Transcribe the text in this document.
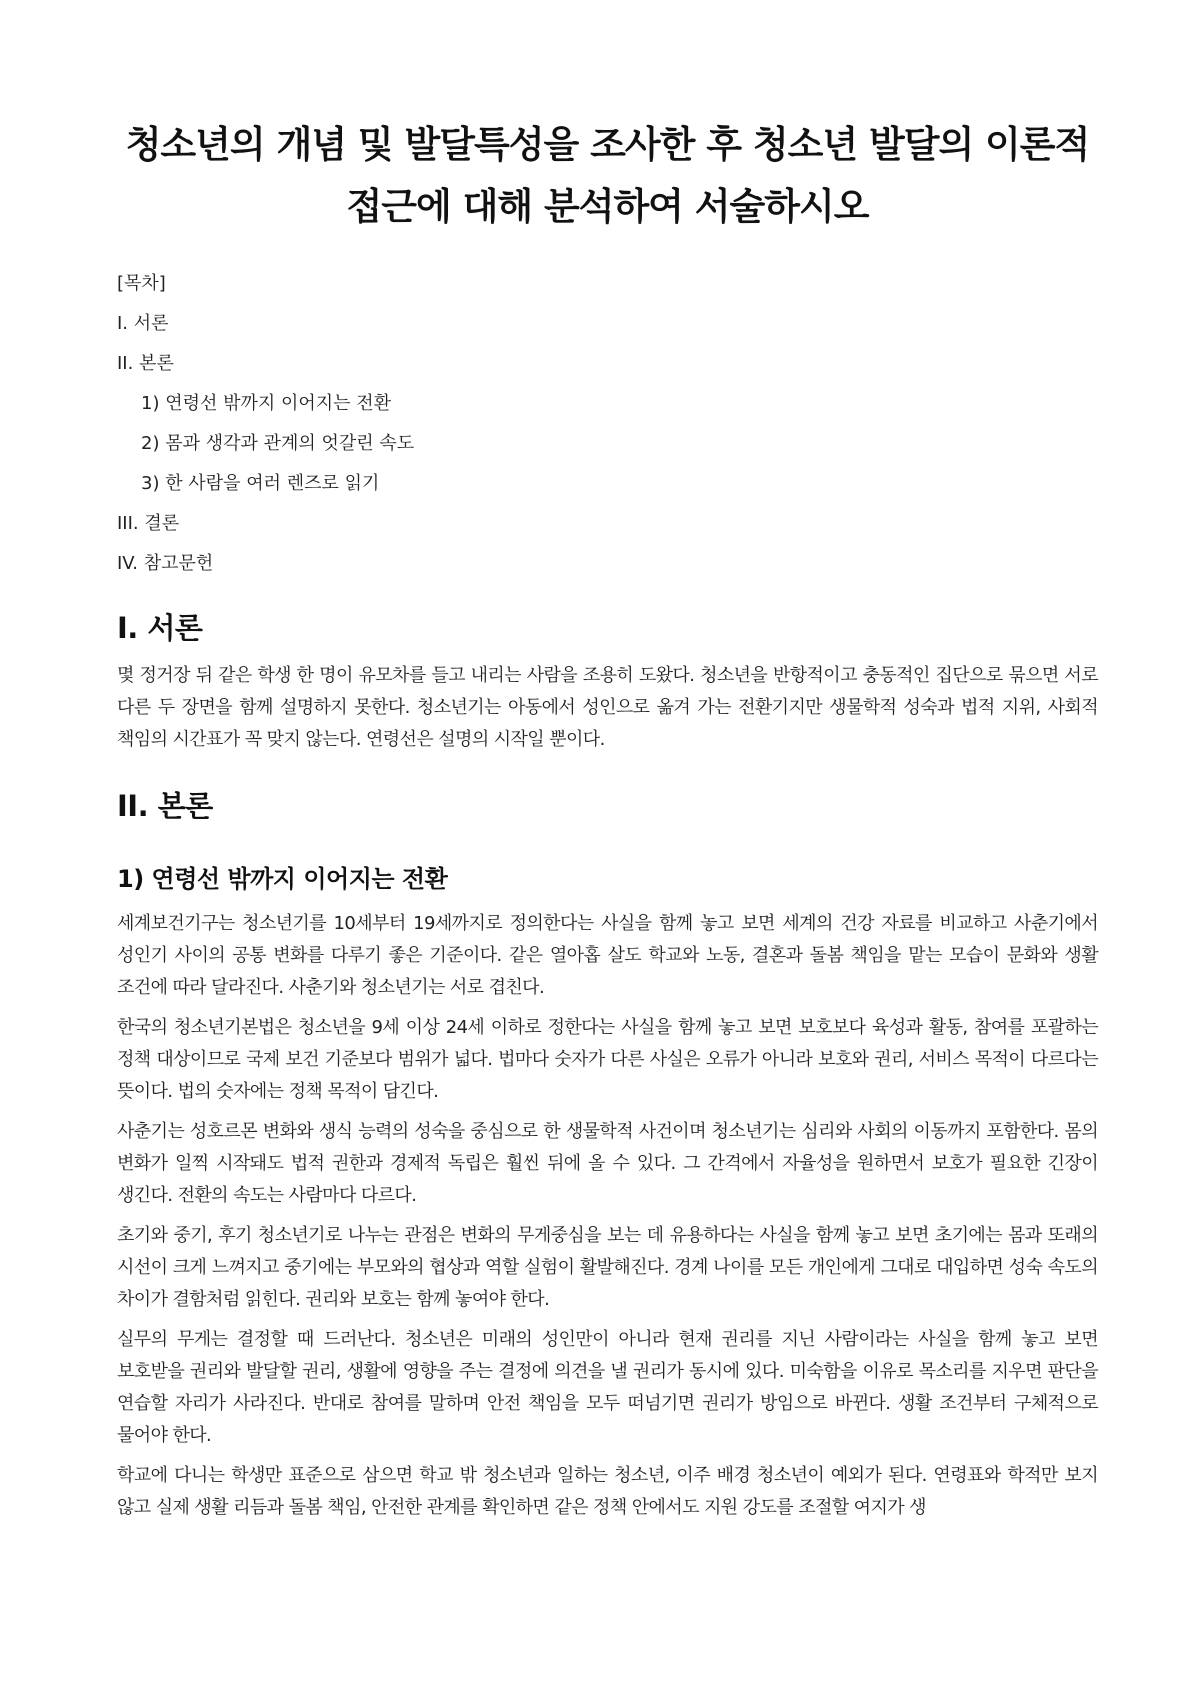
청소년의 개념 및 발달특성을 조사한 후 청소년 발달의 이론적 접근에 대해 분석하여 서술하시오
[목차]
I. 서론
II. 본론
1) 연령선 밖까지 이어지는 전환
2) 몸과 생각과 관계의 엇갈린 속도
3) 한 사람을 여러 렌즈로 읽기
III. 결론
IV. 참고문헌
I. 서론

몇 정거장 뒤 같은 학생 한 명이 유모차를 들고 내리는 사람을 조용히 도왔다. 청소년을 반항적이고 충동적인 집단으로 묶으면 서로 다른 두 장면을 함께 설명하지 못한다. 청소년기는 아동에서 성인으로 옮겨 가는 전환기지만 생물학적 성숙과 법적 지위, 사회적 책임의 시간표가 꼭 맞지 않는다. 연령선은 설명의 시작일 뿐이다.

II. 본론
1) 연령선 밖까지 이어지는 전환

세계보건기구는 청소년기를 10세부터 19세까지로 정의한다는 사실을 함께 놓고 보면 세계의 건강 자료를 비교하고 사춘기에서 성인기 사이의 공통 변화를 다루기 좋은 기준이다. 같은 열아홉 살도 학교와 노동, 결혼과 돌봄 책임을 맡는 모습이 문화와 생활 조건에 따라 달라진다. 사춘기와 청소년기는 서로 겹친다.

한국의 청소년기본법은 청소년을 9세 이상 24세 이하로 정한다는 사실을 함께 놓고 보면 보호보다 육성과 활동, 참여를 포괄하는 정책 대상이므로 국제 보건 기준보다 범위가 넓다. 법마다 숫자가 다른 사실은 오류가 아니라 보호와 권리, 서비스 목적이 다르다는 뜻이다. 법의 숫자에는 정책 목적이 담긴다.

사춘기는 성호르몬 변화와 생식 능력의 성숙을 중심으로 한 생물학적 사건이며 청소년기는 심리와 사회의 이동까지 포함한다. 몸의 변화가 일찍 시작돼도 법적 권한과 경제적 독립은 훨씬 뒤에 올 수 있다. 그 간격에서 자율성을 원하면서 보호가 필요한 긴장이 생긴다. 전환의 속도는 사람마다 다르다.

초기와 중기, 후기 청소년기로 나누는 관점은 변화의 무게중심을 보는 데 유용하다는 사실을 함께 놓고 보면 초기에는 몸과 또래의 시선이 크게 느껴지고 중기에는 부모와의 협상과 역할 실험이 활발해진다. 경계 나이를 모든 개인에게 그대로 대입하면 성숙 속도의 차이가 결함처럼 읽힌다. 권리와 보호는 함께 놓여야 한다.

실무의 무게는 결정할 때 드러난다. 청소년은 미래의 성인만이 아니라 현재 권리를 지닌 사람이라는 사실을 함께 놓고 보면 보호받을 권리와 발달할 권리, 생활에 영향을 주는 결정에 의견을 낼 권리가 동시에 있다. 미숙함을 이유로 목소리를 지우면 판단을 연습할 자리가 사라진다. 반대로 참여를 말하며 안전 책임을 모두 떠넘기면 권리가 방임으로 바뀐다. 생활 조건부터 구체적으로 물어야 한다.

학교에 다니는 학생만 표준으로 삼으면 학교 밖 청소년과 일하는 청소년, 이주 배경 청소년이 예외가 된다. 연령표와 학적만 보지 않고 실제 생활 리듬과 돌봄 책임, 안전한 관계를 확인하면 같은 정책 안에서도 지원 강도를 조절할 여지가 생
